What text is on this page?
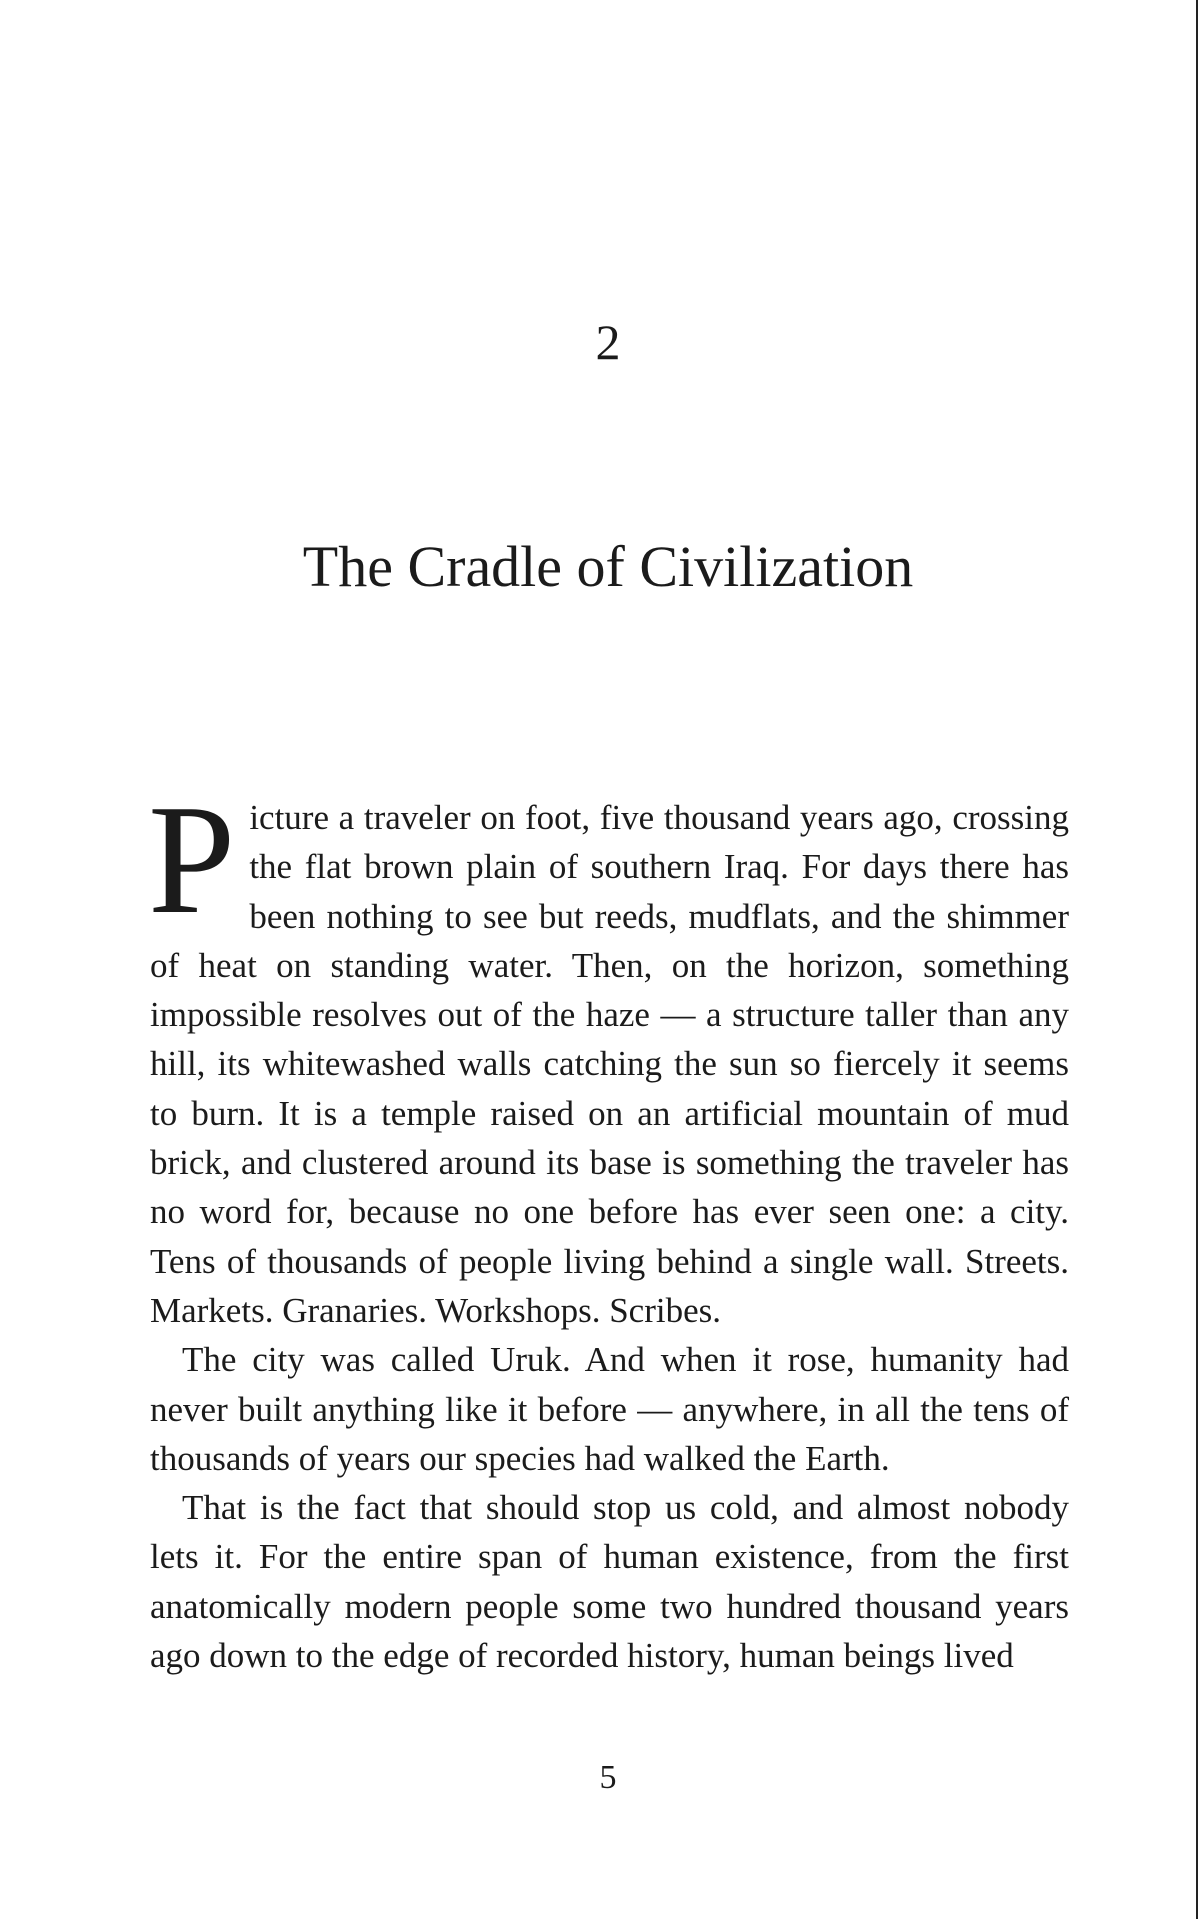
2
The Cradle of Civilization

Picture a traveler on foot, five thousand years ago, crossing the flat brown plain of southern Iraq. For days there has been nothing to see but reeds, mudflats, and the shimmer of heat on standing water. Then, on the horizon, something impossible resolves out of the haze — a structure taller than any hill, its whitewashed walls catching the sun so fiercely it seems to burn. It is a temple raised on an artificial mountain of mud brick, and clustered around its base is something the traveler has no word for, because no one before has ever seen one: a city. Tens of thousands of people living behind a single wall. Streets. Markets. Granaries. Workshops. Scribes.

The city was called Uruk. And when it rose, humanity had never built anything like it before — anywhere, in all the tens of thousands of years our species had walked the Earth.

That is the fact that should stop us cold, and almost nobody lets it. For the entire span of human existence, from the first anatomically modern people some two hundred thousand years ago down to the edge of recorded history, human beings lived

5
